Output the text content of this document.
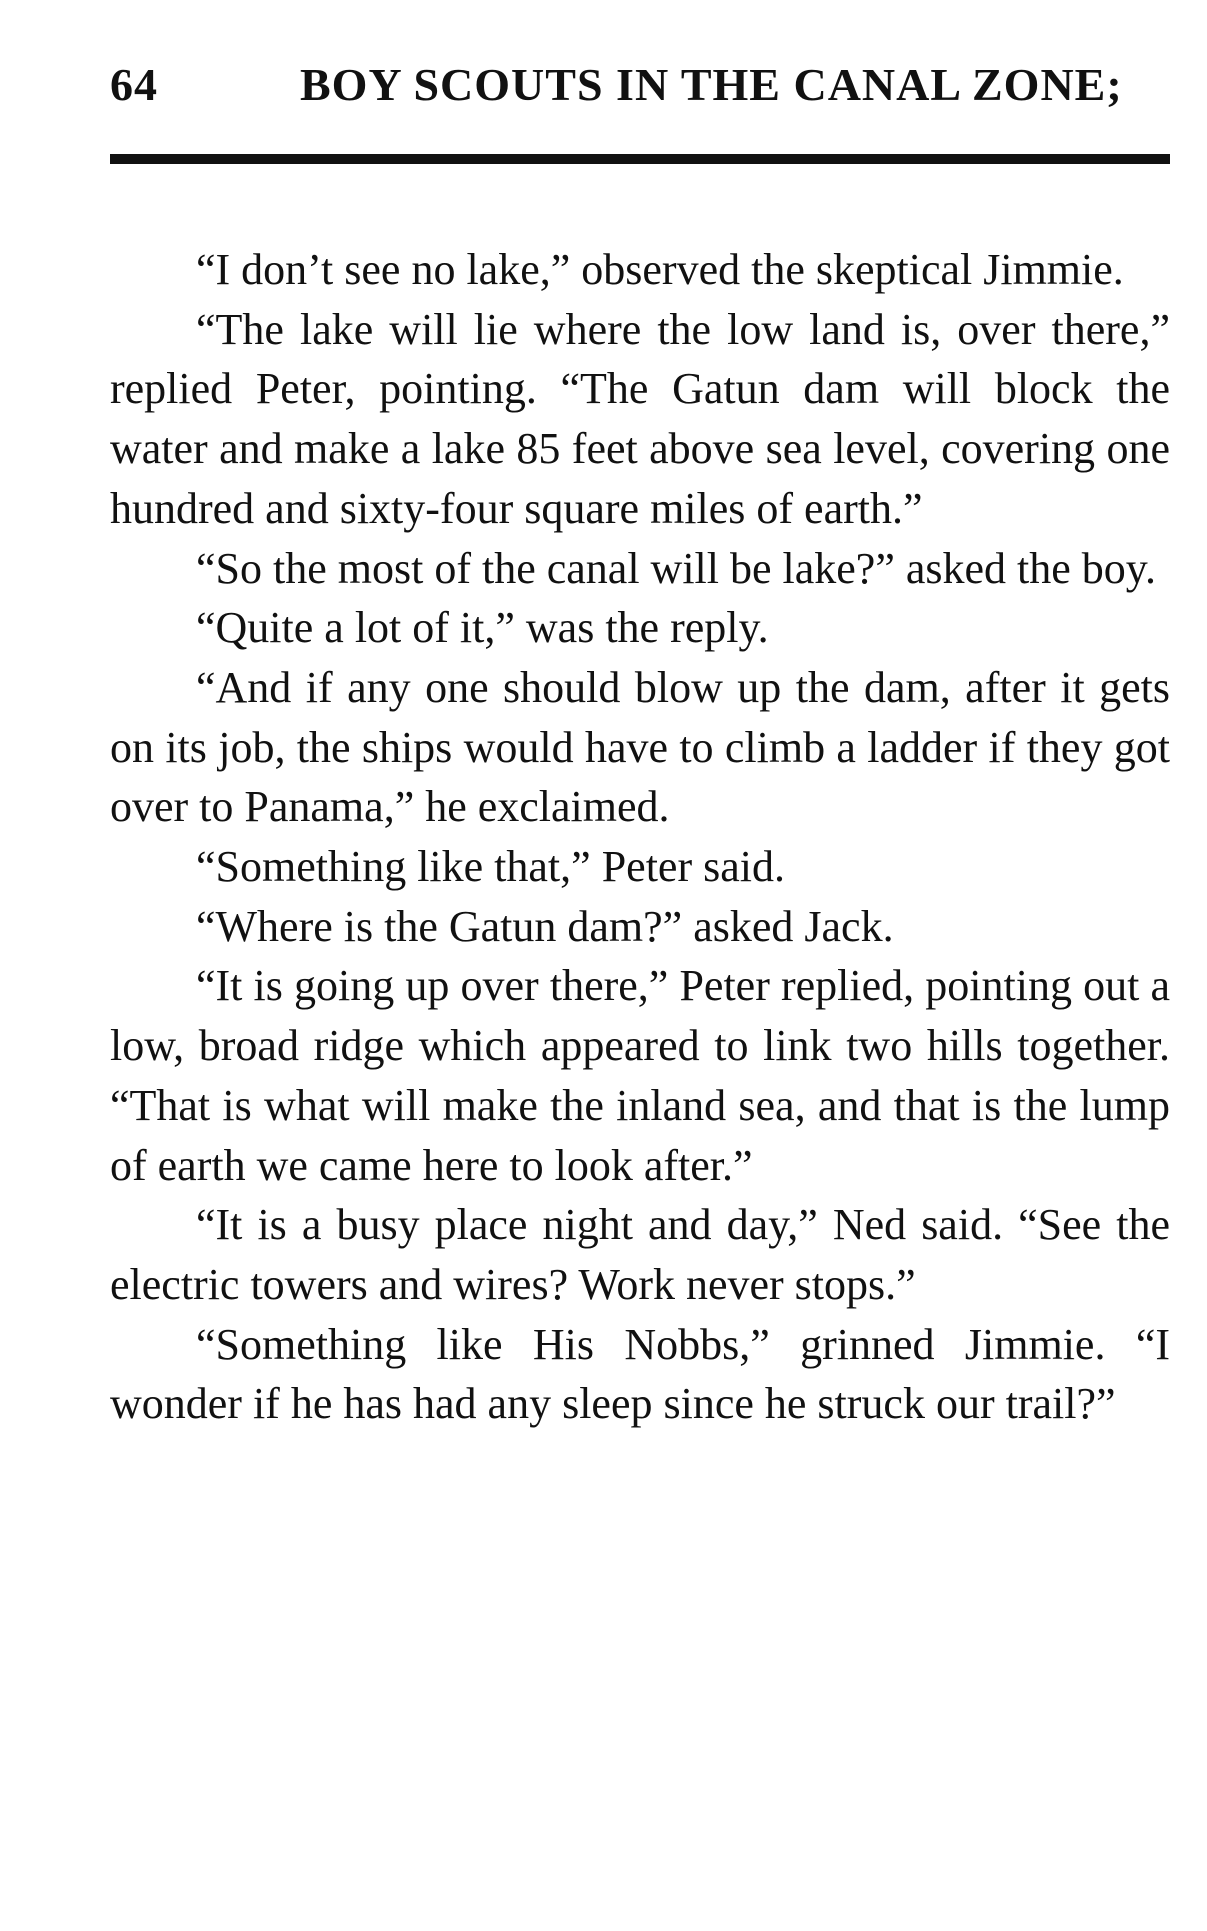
64	BOY SCOUTS IN THE CANAL ZONE;

“I don’t see no lake,” observed the skeptical Jimmie.

“The lake will lie where the low land is, over there,” replied Peter, pointing. “The Gatun dam will block the water and make a lake 85 feet above sea level, covering one hundred and sixty-four square miles of earth.”

“So the most of the canal will be lake?” asked the boy.

“Quite a lot of it,” was the reply.

“And if any one should blow up the dam, after it gets on its job, the ships would have to climb a ladder if they got over to Panama,” he exclaimed.

“Something like that,” Peter said.

“Where is the Gatun dam?” asked Jack.

“It is going up over there,” Peter replied, pointing out a low, broad ridge which appeared to link two hills together. “That is what will make the inland sea, and that is the lump of earth we came here to look after.”

“It is a busy place night and day,” Ned said. “See the electric towers and wires? Work never stops.”

“Something like His Nobbs,” grinned Jimmie. “I wonder if he has had any sleep since he struck our trail?”
